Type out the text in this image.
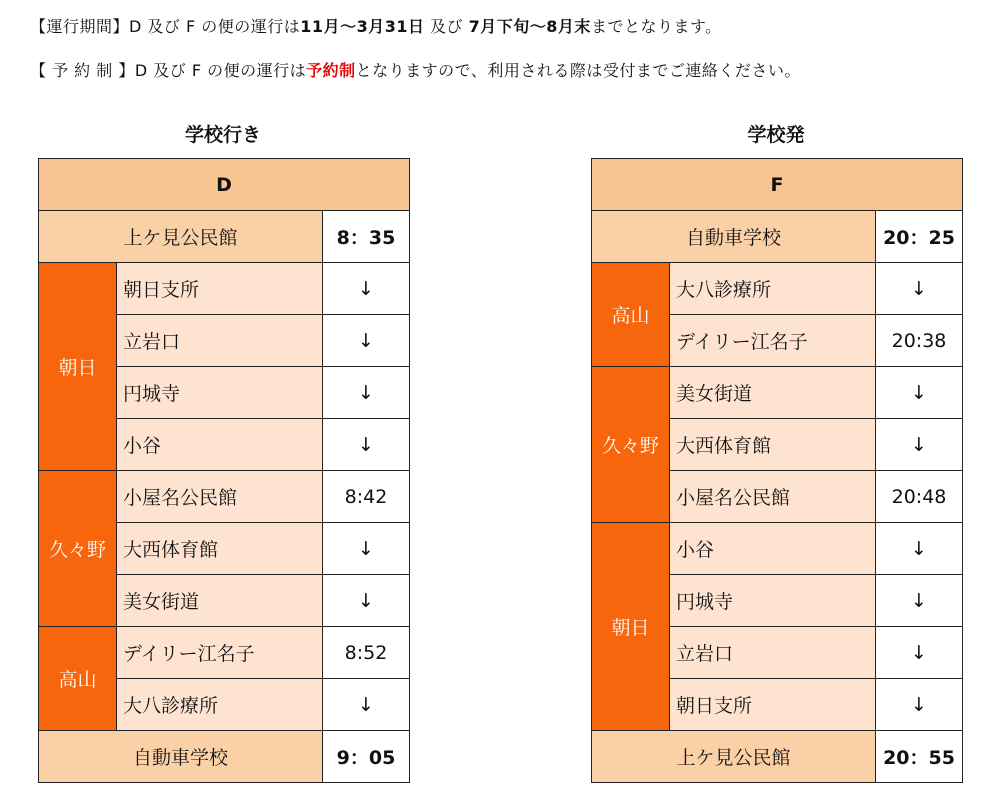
【運行期間】D 及び F の便の運行は11月～3月31日 及び 7月下旬～8月末までとなります。
【 予 約 制 】D 及び F の便の運行は予約制となりますので、利用される際は受付までご連絡ください。
学校行き
D		
上ケ見公民館		8：35
朝日	朝日支所	↓
	立岩口	↓
	円城寺	↓
	小谷	↓
久々野	小屋名公民館	8:42
	大西体育館	↓
	美女街道	↓
高山	デイリー江名子	8:52
	大八診療所	↓
自動車学校		9：05
学校発
F		
自動車学校		20：25
高山	大八診療所	↓
	デイリー江名子	20:38
久々野	美女街道	↓
	大西体育館	↓
	小屋名公民館	20:48
朝日	小谷	↓
	円城寺	↓
	立岩口	↓
	朝日支所	↓
上ケ見公民館		20：55
